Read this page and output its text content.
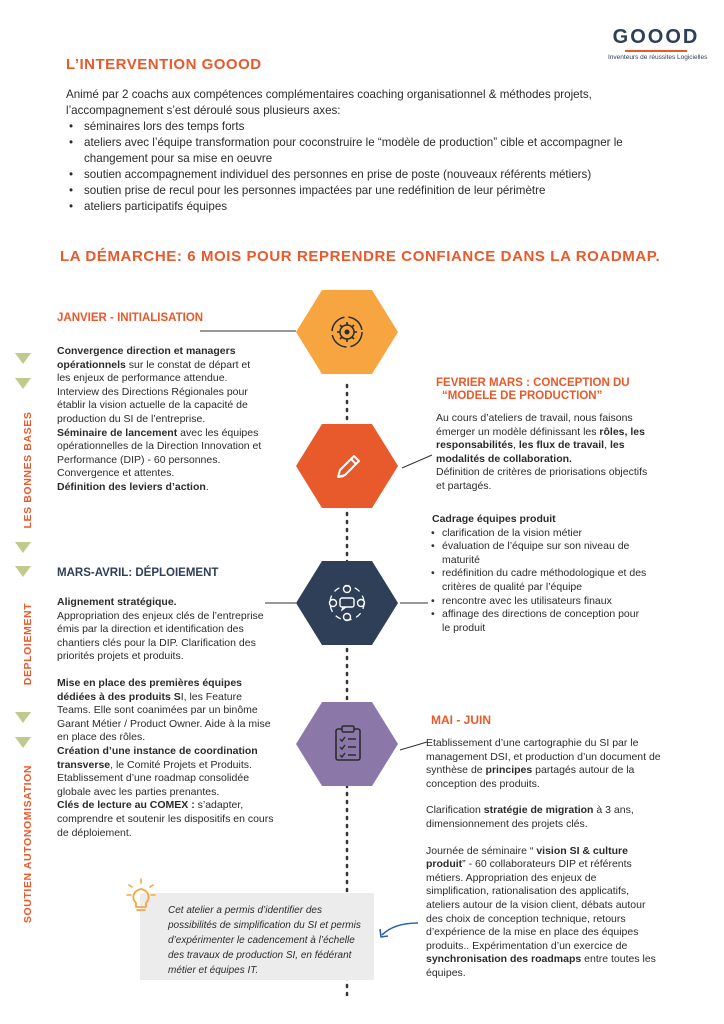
GOOOD
Inventeurs de réussites Logicielles
L’INTERVENTION GOOOD
Animé par 2 coachs aux compétences complémentaires coaching organisationnel & méthodes projets, l’accompagnement s’est déroulé sous plusieurs axes:
• séminaires lors des temps forts
• ateliers avec l’équipe transformation pour coconstruire le “modèle de production” cible et accompagner le changement pour sa mise en oeuvre
• soutien accompagnement individuel des personnes en prise de poste (nouveaux référents métiers)
• soutien prise de recul pour les personnes impactées par une redéfinition de leur périmètre
• ateliers participatifs équipes
LA DÉMARCHE: 6 MOIS POUR REPRENDRE CONFIANCE DANS LA ROADMAP.
LES BONNES BASES
DEPLOIEMENT
SOUTIEN AUTONOMISATION
JANVIER - INITIALISATION
Convergence direction et managers opérationnels sur le constat de départ et les enjeux de performance attendue.
Interview des Directions Régionales pour établir la vision actuelle de la capacité de production du SI de l’entreprise.
Séminaire de lancement avec les équipes opérationnelles de la Direction Innovation et Performance (DIP) - 60 personnes.
Convergence et attentes.
Définition des leviers d’action.
FEVRIER MARS : CONCEPTION DU
“MODELE DE PRODUCTION”
Au cours d’ateliers de travail, nous faisons émerger un modèle définissant les rôles, les responsabilités, les flux de travail, les modalités de collaboration.
Définition de critères de priorisations objectifs et partagés.
Cadrage équipes produit
• clarification de la vision métier
• évaluation de l’équipe sur son niveau de maturité
• redéfinition du cadre méthodologique et des critères de qualité par l’équipe
• rencontre avec les utilisateurs finaux
• affinage des directions de conception pour le produit
MARS-AVRIL: DÉPLOIEMENT
Alignement stratégique.
Appropriation des enjeux clés de l’entreprise émis par la direction et identification des chantiers clés pour la DIP. Clarification des priorités projets et produits.
Mise en place des premières équipes dédiées à des produits SI, les Feature Teams. Elle sont coanimées par un binôme Garant Métier / Product Owner. Aide à la mise en place des rôles.
Création d’une instance de coordination transverse, le Comité Projets et Produits. Etablissement d’une roadmap consolidée globale avec les parties prenantes.
Clés de lecture au COMEX : s’adapter, comprendre et soutenir les dispositifs en cours de déploiement.
MAI - JUIN
Etablissement d’une cartographie du SI par le management DSI, et production d’un document de synthèse de principes partagés autour de la conception des produits.
Clarification stratégie de migration à 3 ans, dimensionnement des projets clés.
Journée de séminaire “ vision SI & culture produit” - 60 collaborateurs DIP et référents métiers. Appropriation des enjeux de simplification, rationalisation des applicatifs, ateliers autour de la vision client, débats autour des choix de conception technique, retours d’expérience de la mise en place des équipes produits.. Expérimentation d’un exercice de synchronisation des roadmaps entre toutes les équipes.
Cet atelier a permis d’identifier des possibilités de simplification du SI et permis d’expérimenter le cadencement à l’échelle des travaux de production SI, en fédérant métier et équipes IT.
